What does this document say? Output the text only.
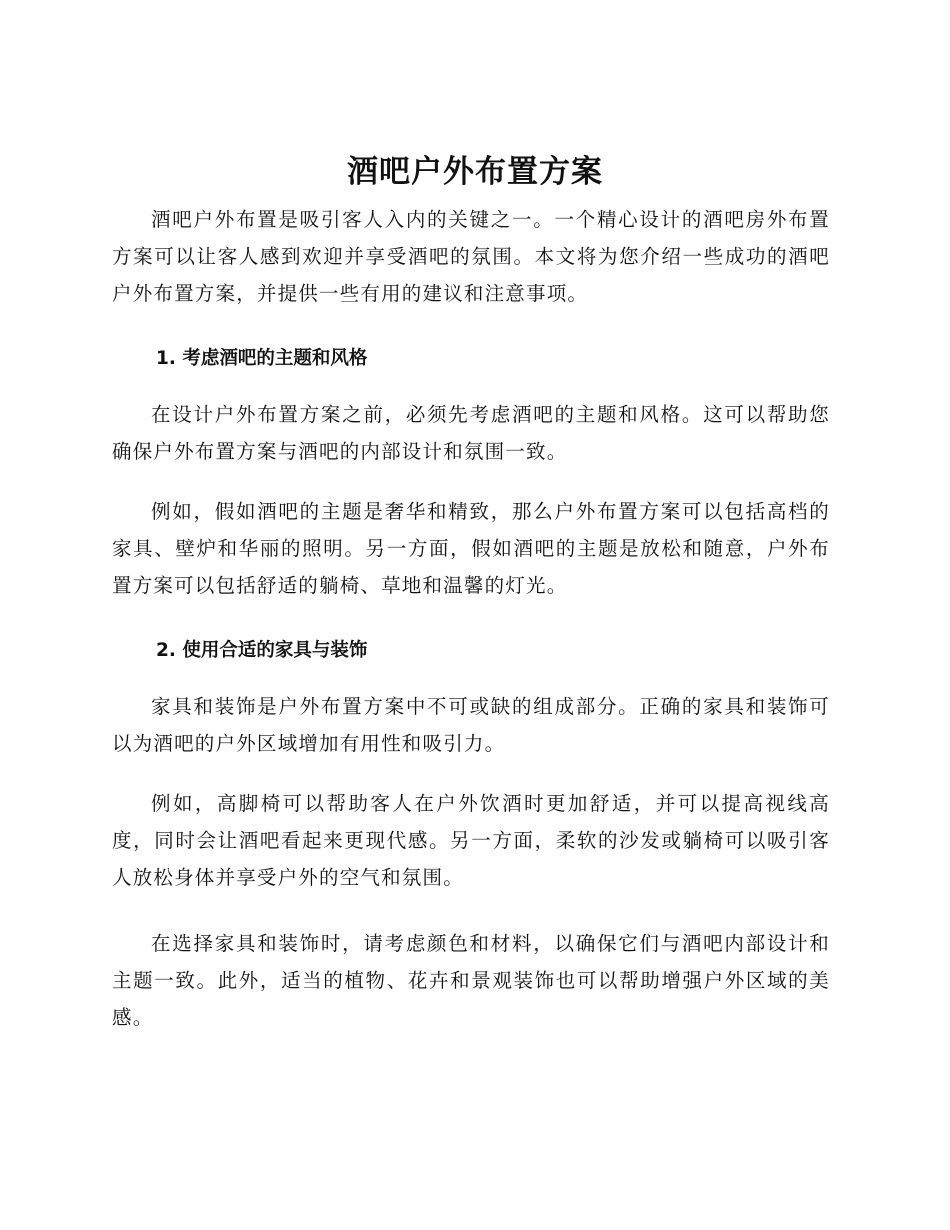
酒吧户外布置方案

酒吧户外布置是吸引客人入内的关键之一。一个精心设计的酒吧房外布置方案可以让客人感到欢迎并享受酒吧的氛围。本文将为您介绍一些成功的酒吧户外布置方案，并提供一些有用的建议和注意事项。

1. 考虑酒吧的主题和风格

在设计户外布置方案之前，必须先考虑酒吧的主题和风格。这可以帮助您确保户外布置方案与酒吧的内部设计和氛围一致。

例如，假如酒吧的主题是奢华和精致，那么户外布置方案可以包括高档的家具、壁炉和华丽的照明。另一方面，假如酒吧的主题是放松和随意，户外布置方案可以包括舒适的躺椅、草地和温馨的灯光。

2. 使用合适的家具与装饰

家具和装饰是户外布置方案中不可或缺的组成部分。正确的家具和装饰可以为酒吧的户外区域增加有用性和吸引力。

例如，高脚椅可以帮助客人在户外饮酒时更加舒适，并可以提高视线高度，同时会让酒吧看起来更现代感。另一方面，柔软的沙发或躺椅可以吸引客人放松身体并享受户外的空气和氛围。

在选择家具和装饰时，请考虑颜色和材料，以确保它们与酒吧内部设计和主题一致。此外，适当的植物、花卉和景观装饰也可以帮助增强户外区域的美感。
